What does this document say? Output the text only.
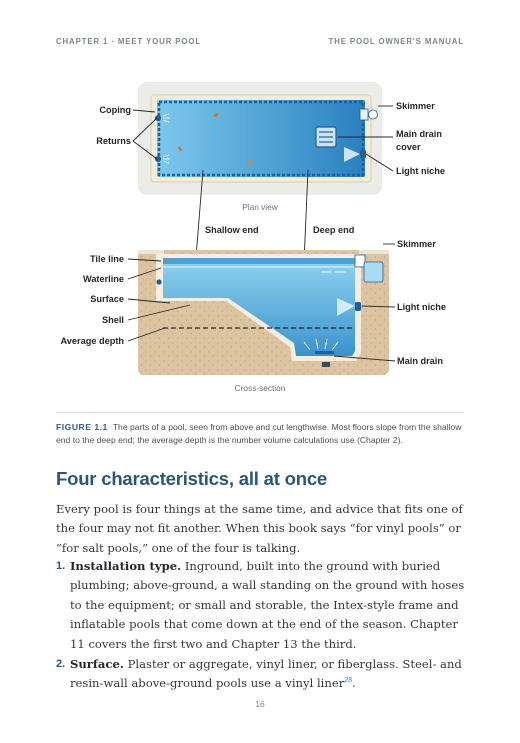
CHAPTER 1 · MEET YOUR POOL	THE POOL OWNER'S MANUAL
Coping
Returns
Skimmer
Main drain
cover
Light niche
Plan view
Shallow end	Deep end
Tile line
Waterline
Surface
Shell
Average depth
Skimmer
Light niche
Main drain
Cross-section
FIGURE 1.1 The parts of a pool, seen from above and cut lengthwise. Most floors slope from the shallow end to the deep end; the average depth is the number volume calculations use (Chapter 2).
Four characteristics, all at once

Every pool is four things at the same time, and advice that fits one of the four may not fit another. When this book says “for vinyl pools” or “for salt pools,” one of the four is talking.

1. Installation type. Inground, built into the ground with buried plumbing; above-ground, a wall standing on the ground with hoses to the equipment; or small and storable, the Intex-style frame and inflatable pools that come down at the end of the season. Chapter 11 covers the first two and Chapter 13 the third.
2. Surface. Plaster or aggregate, vinyl liner, or fiberglass. Steel- and resin-wall above-ground pools use a vinyl liner$^{28}$.
16
